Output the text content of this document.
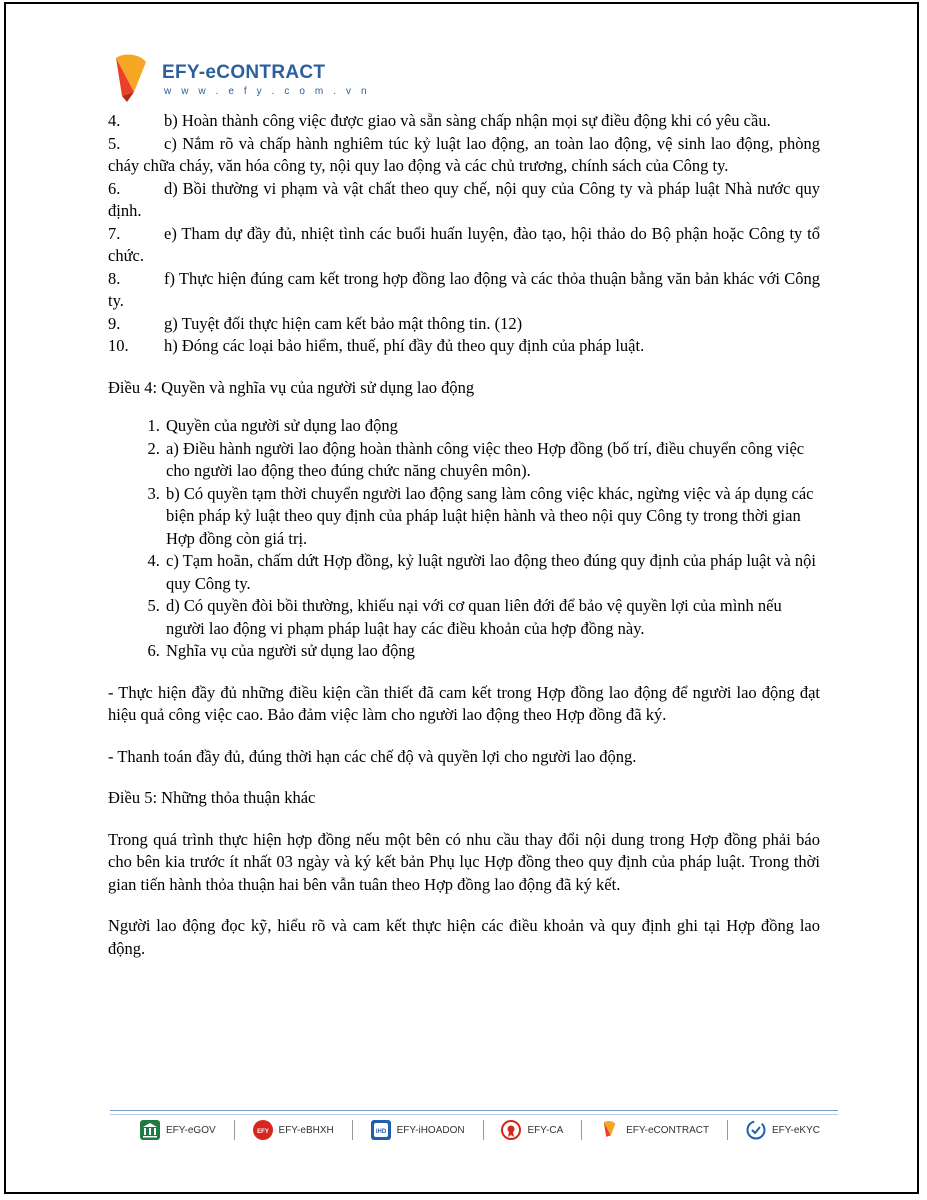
EFY-eCONTRACT
w w w . e f y . c o m . v n
4.	b) Hoàn thành công việc được giao và sẵn sàng chấp nhận mọi sự điều động khi có yêu cầu.
5.	c) Nắm rõ và chấp hành nghiêm túc kỷ luật lao động, an toàn lao động, vệ sinh lao động, phòng cháy chữa cháy, văn hóa công ty, nội quy lao động và các chủ trương, chính sách của Công ty.
6.	d) Bồi thường vi phạm và vật chất theo quy chế, nội quy của Công ty và pháp luật Nhà nước quy định.
7.	e) Tham dự đầy đủ, nhiệt tình các buổi huấn luyện, đào tạo, hội thảo do Bộ phận hoặc Công ty tổ chức.
8.	f) Thực hiện đúng cam kết trong hợp đồng lao động và các thỏa thuận bằng văn bản khác với Công ty.
9.	g) Tuyệt đối thực hiện cam kết bảo mật thông tin. (12)
10. h) Đóng các loại bảo hiểm, thuế, phí đầy đủ theo quy định của pháp luật.
Điều 4: Quyền và nghĩa vụ của người sử dụng lao động
1. Quyền của người sử dụng lao động
2. a) Điều hành người lao động hoàn thành công việc theo Hợp đồng (bố trí, điều chuyển công việc cho người lao động theo đúng chức năng chuyên môn).
3. b) Có quyền tạm thời chuyển người lao động sang làm công việc khác, ngừng việc và áp dụng các biện pháp kỷ luật theo quy định của pháp luật hiện hành và theo nội quy Công ty trong thời gian Hợp đồng còn giá trị.
4. c) Tạm hoãn, chấm dứt Hợp đồng, kỷ luật người lao động theo đúng quy định của pháp luật và nội quy Công ty.
5. d) Có quyền đòi bồi thường, khiếu nại với cơ quan liên đới để bảo vệ quyền lợi của mình nếu người lao động vi phạm pháp luật hay các điều khoản của hợp đồng này.
6. Nghĩa vụ của người sử dụng lao động
- Thực hiện đầy đủ những điều kiện cần thiết đã cam kết trong Hợp đồng lao động để người lao động đạt hiệu quả công việc cao. Bảo đảm việc làm cho người lao động theo Hợp đồng đã ký.
- Thanh toán đầy đủ, đúng thời hạn các chế độ và quyền lợi cho người lao động.
Điều 5: Những thỏa thuận khác
Trong quá trình thực hiện hợp đồng nếu một bên có nhu cầu thay đổi nội dung trong Hợp đồng phải báo cho bên kia trước ít nhất 03 ngày và ký kết bản Phụ lục Hợp đồng theo quy định của pháp luật. Trong thời gian tiến hành thỏa thuận hai bên vẫn tuân theo Hợp đồng lao động đã ký kết.
Người lao động đọc kỹ, hiểu rõ và cam kết thực hiện các điều khoản và quy định ghi tại Hợp đồng lao động.
EFY-eGOV	EFY EFY-eBHXH	iHD EFY-iHOADON	EFY-CA	EFY-eCONTRACT	EFY-eKYC
